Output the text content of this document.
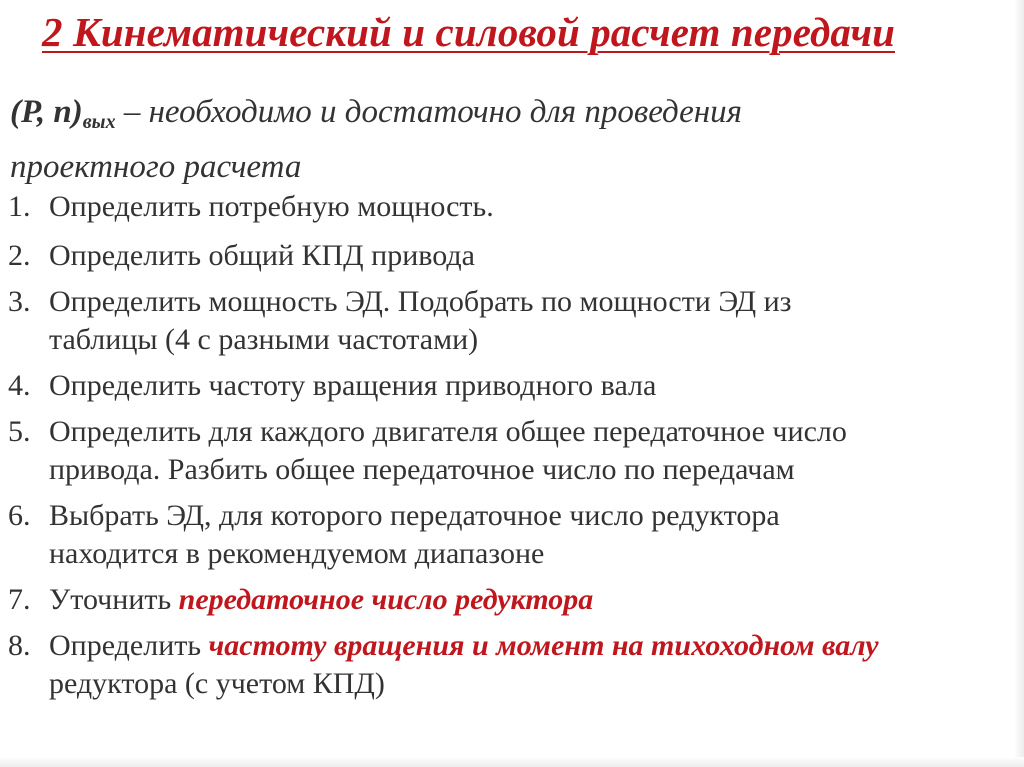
2 Кинематический и силовой расчет передачи
(P, $n)_{вых}$ – необходимо и достаточно для проведения
проектного расчета
1. Определить потребную мощность.
2. Определить общий КПД привода
3. Определить мощность ЭД. Подобрать по мощности ЭД из
таблицы (4 с разными частотами)
4. Определить частоту вращения приводного вала
5. Определить для каждого двигателя общее передаточное число
привода. Разбить общее передаточное число по передачам
6. Выбрать ЭД, для которого передаточное число редуктора
находится в рекомендуемом диапазоне
7. Уточнить передаточное число редуктора
8. Определить частоту вращения и момент на тихоходном валу
редуктора (с учетом КПД)
